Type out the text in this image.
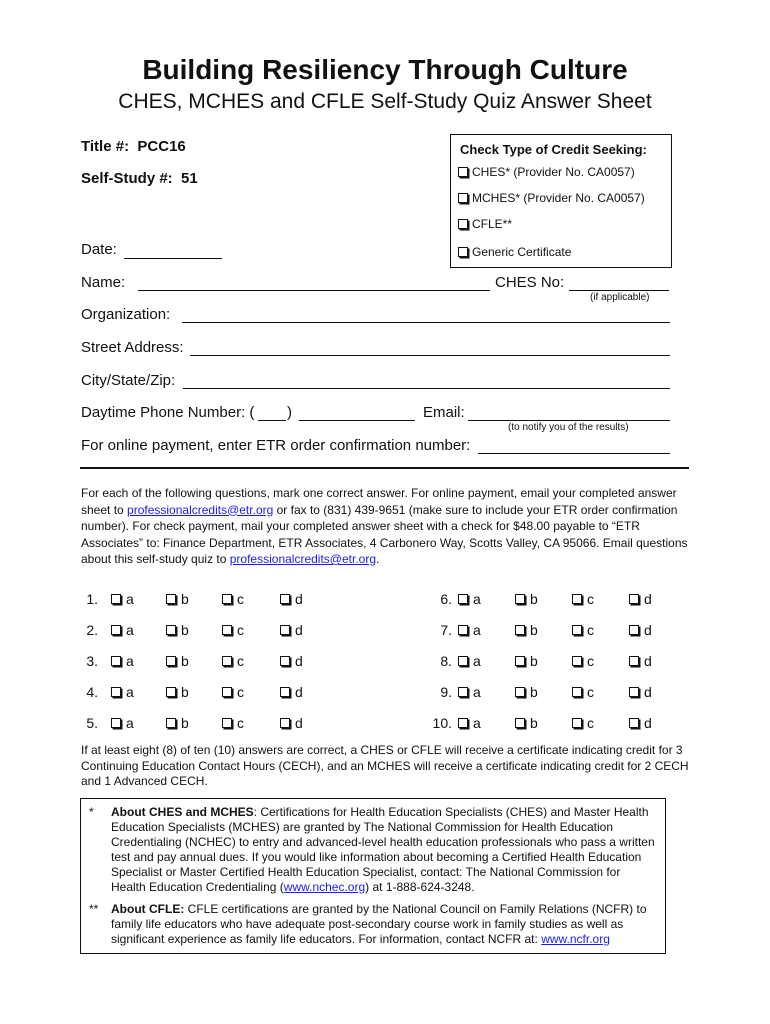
Building Resiliency Through Culture
CHES, MCHES and CFLE Self-Study Quiz Answer Sheet
Title #: PCC16
Self-Study #: 51
Check Type of Credit Seeking:
CHES* (Provider No. CA0057)
MCHES* (Provider No. CA0057)
CFLE**
Generic Certificate
Date:
Name:	CHES No:
(if applicable)
Organization:
Street Address:
City/State/Zip:
Daytime Phone Number: ( )	Email:
(to notify you of the results)
For online payment, enter ETR order confirmation number:
For each of the following questions, mark one correct answer. For online payment, email your completed answer sheet to professionalcredits@etr.org or fax to (831) 439-9651 (make sure to include your ETR order confirmation number). For check payment, mail your completed answer sheet with a check for $48.00 payable to “ETR Associates” to: Finance Department, ETR Associates, 4 Carbonero Way, Scotts Valley, CA 95066. Email questions about this self-study quiz to professionalcredits@etr.org.
1. a	b	c	d
2. a	b	c	d
3. a	b	c	d
4. a	b	c	d
5. a	b	c	d
6. a	b	c	d
7. a	b	c	d
8. a	b	c	d
9. a	b	c	d
10. a	b	c	d
If at least eight (8) of ten (10) answers are correct, a CHES or CFLE will receive a certificate indicating credit for 3 Continuing Education Contact Hours (CECH), and an MCHES will receive a certificate indicating credit for 2 CECH and 1 Advanced CECH.
*	About CHES and MCHES: Certifications for Health Education Specialists (CHES) and Master Health Education Specialists (MCHES) are granted by The National Commission for Health Education Credentialing (NCHEC) to entry and advanced-level health education professionals who pass a written test and pay annual dues. If you would like information about becoming a Certified Health Education Specialist or Master Certified Health Education Specialist, contact: The National Commission for Health Education Credentialing (www.nchec.org) at 1-888-624-3248.
**	About CFLE: CFLE certifications are granted by the National Council on Family Relations (NCFR) to family life educators who have adequate post-secondary course work in family studies as well as significant experience as family life educators. For information, contact NCFR at: www.ncfr.org
